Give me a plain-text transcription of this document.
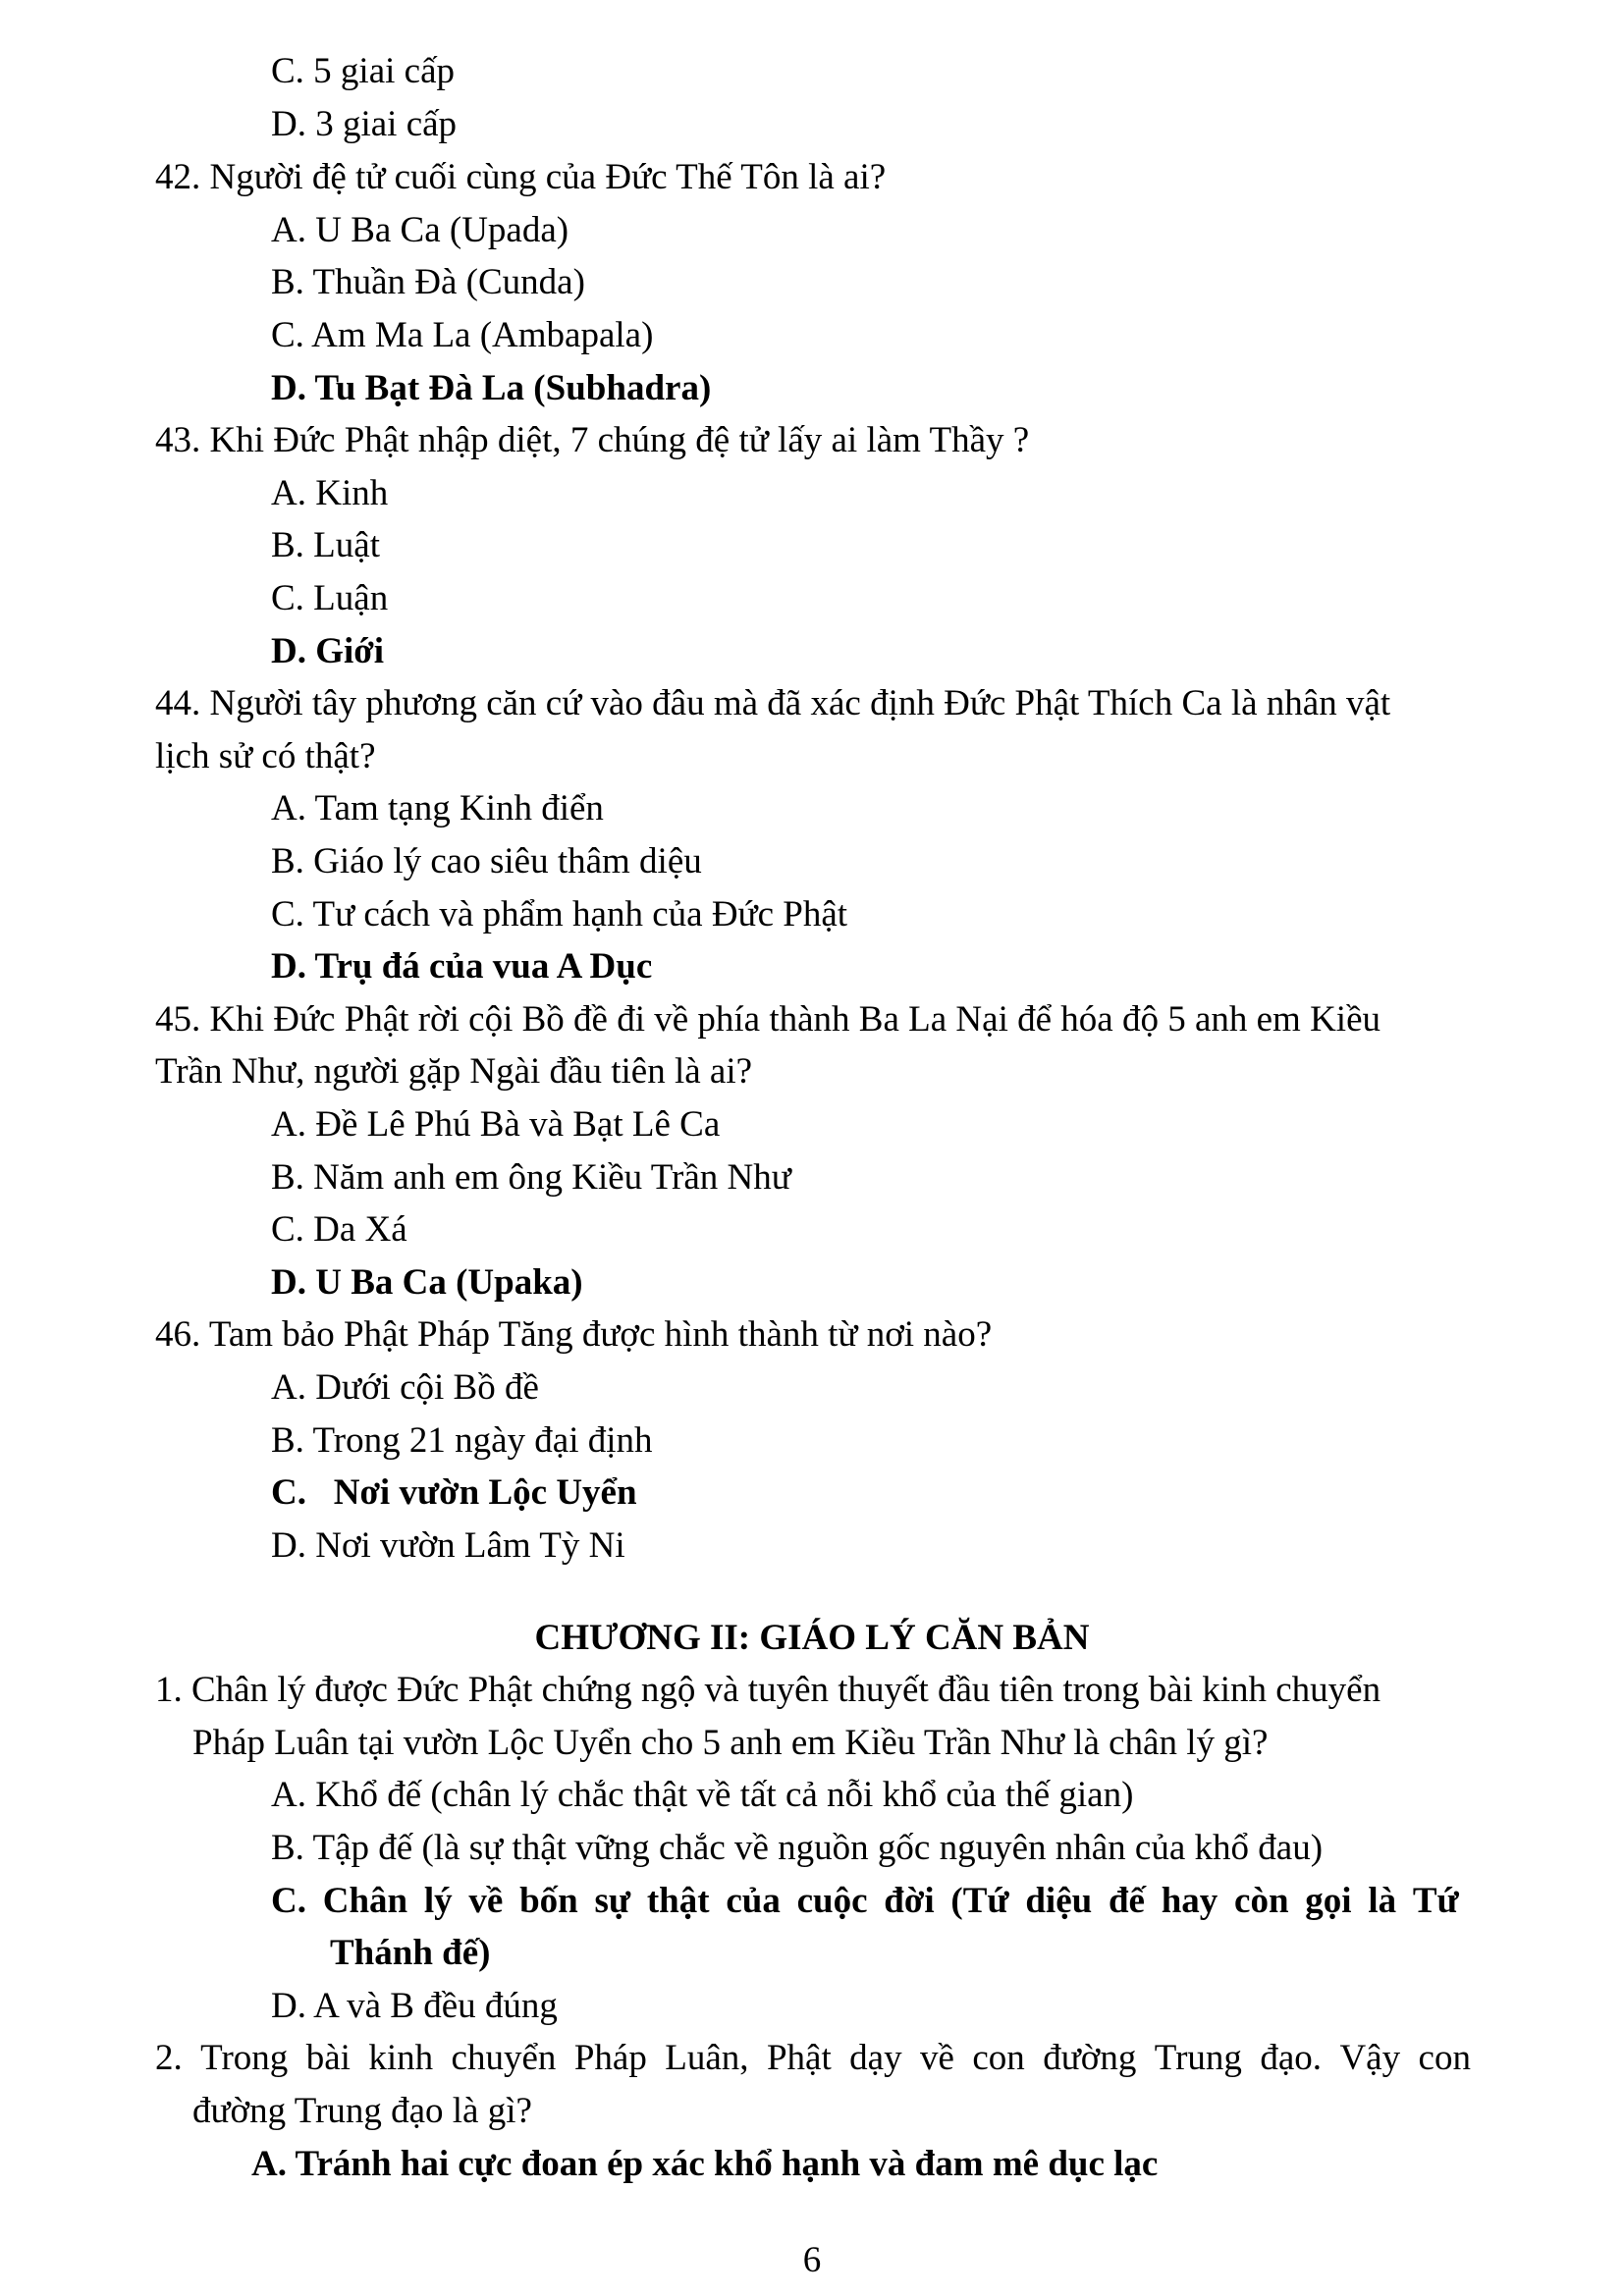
C. 5 giai cấp
D. 3 giai cấp
42. Người đệ tử cuối cùng của Đức Thế Tôn là ai?
A. U Ba Ca (Upada)
B. Thuần Đà (Cunda)
C. Am Ma La (Ambapala)
D. Tu Bạt Đà La (Subhadra)
43. Khi Đức Phật nhập diệt, 7 chúng đệ tử lấy ai làm Thầy ?
A. Kinh
B. Luật
C. Luận
D. Giới
44. Người tây phương căn cứ vào đâu mà đã xác định Đức Phật Thích Ca là nhân vật
lịch sử có thật?
A. Tam tạng Kinh điển
B. Giáo lý cao siêu thâm diệu
C. Tư cách và phẩm hạnh của Đức Phật
D. Trụ đá của vua A Dục
45. Khi Đức Phật rời cội Bồ đề đi về phía thành Ba La Nại để hóa độ 5 anh em Kiều
Trần Như, người gặp Ngài đầu tiên là ai?
A. Đề Lê Phú Bà và Bạt Lê Ca
B. Năm anh em ông Kiều Trần Như
C. Da Xá
D. U Ba Ca (Upaka)
46. Tam bảo Phật Pháp Tăng được hình thành từ nơi nào?
A. Dưới cội Bồ đề
B. Trong 21 ngày đại định
C.   Nơi vườn Lộc Uyển
D. Nơi vườn Lâm Tỳ Ni
CHƯƠNG II: GIÁO LÝ CĂN BẢN
1. Chân lý được Đức Phật chứng ngộ và tuyên thuyết đầu tiên trong bài kinh chuyển
Pháp Luân tại vườn Lộc Uyển cho 5 anh em Kiều Trần Như là chân lý gì?
A. Khổ đế (chân lý chắc thật về tất cả nỗi khổ của thế gian)
B. Tập đế (là sự thật vững chắc về nguồn gốc nguyên nhân của khổ đau)
C. Chân lý về bốn sự thật của cuộc đời (Tứ diệu đế hay còn gọi là Tứ
Thánh đế)
D. A và B đều đúng
2. Trong bài kinh chuyển Pháp Luân, Phật dạy về con đường Trung đạo. Vậy con
đường Trung đạo là gì?
A. Tránh hai cực đoan ép xác khổ hạnh và đam mê dục lạc
6
